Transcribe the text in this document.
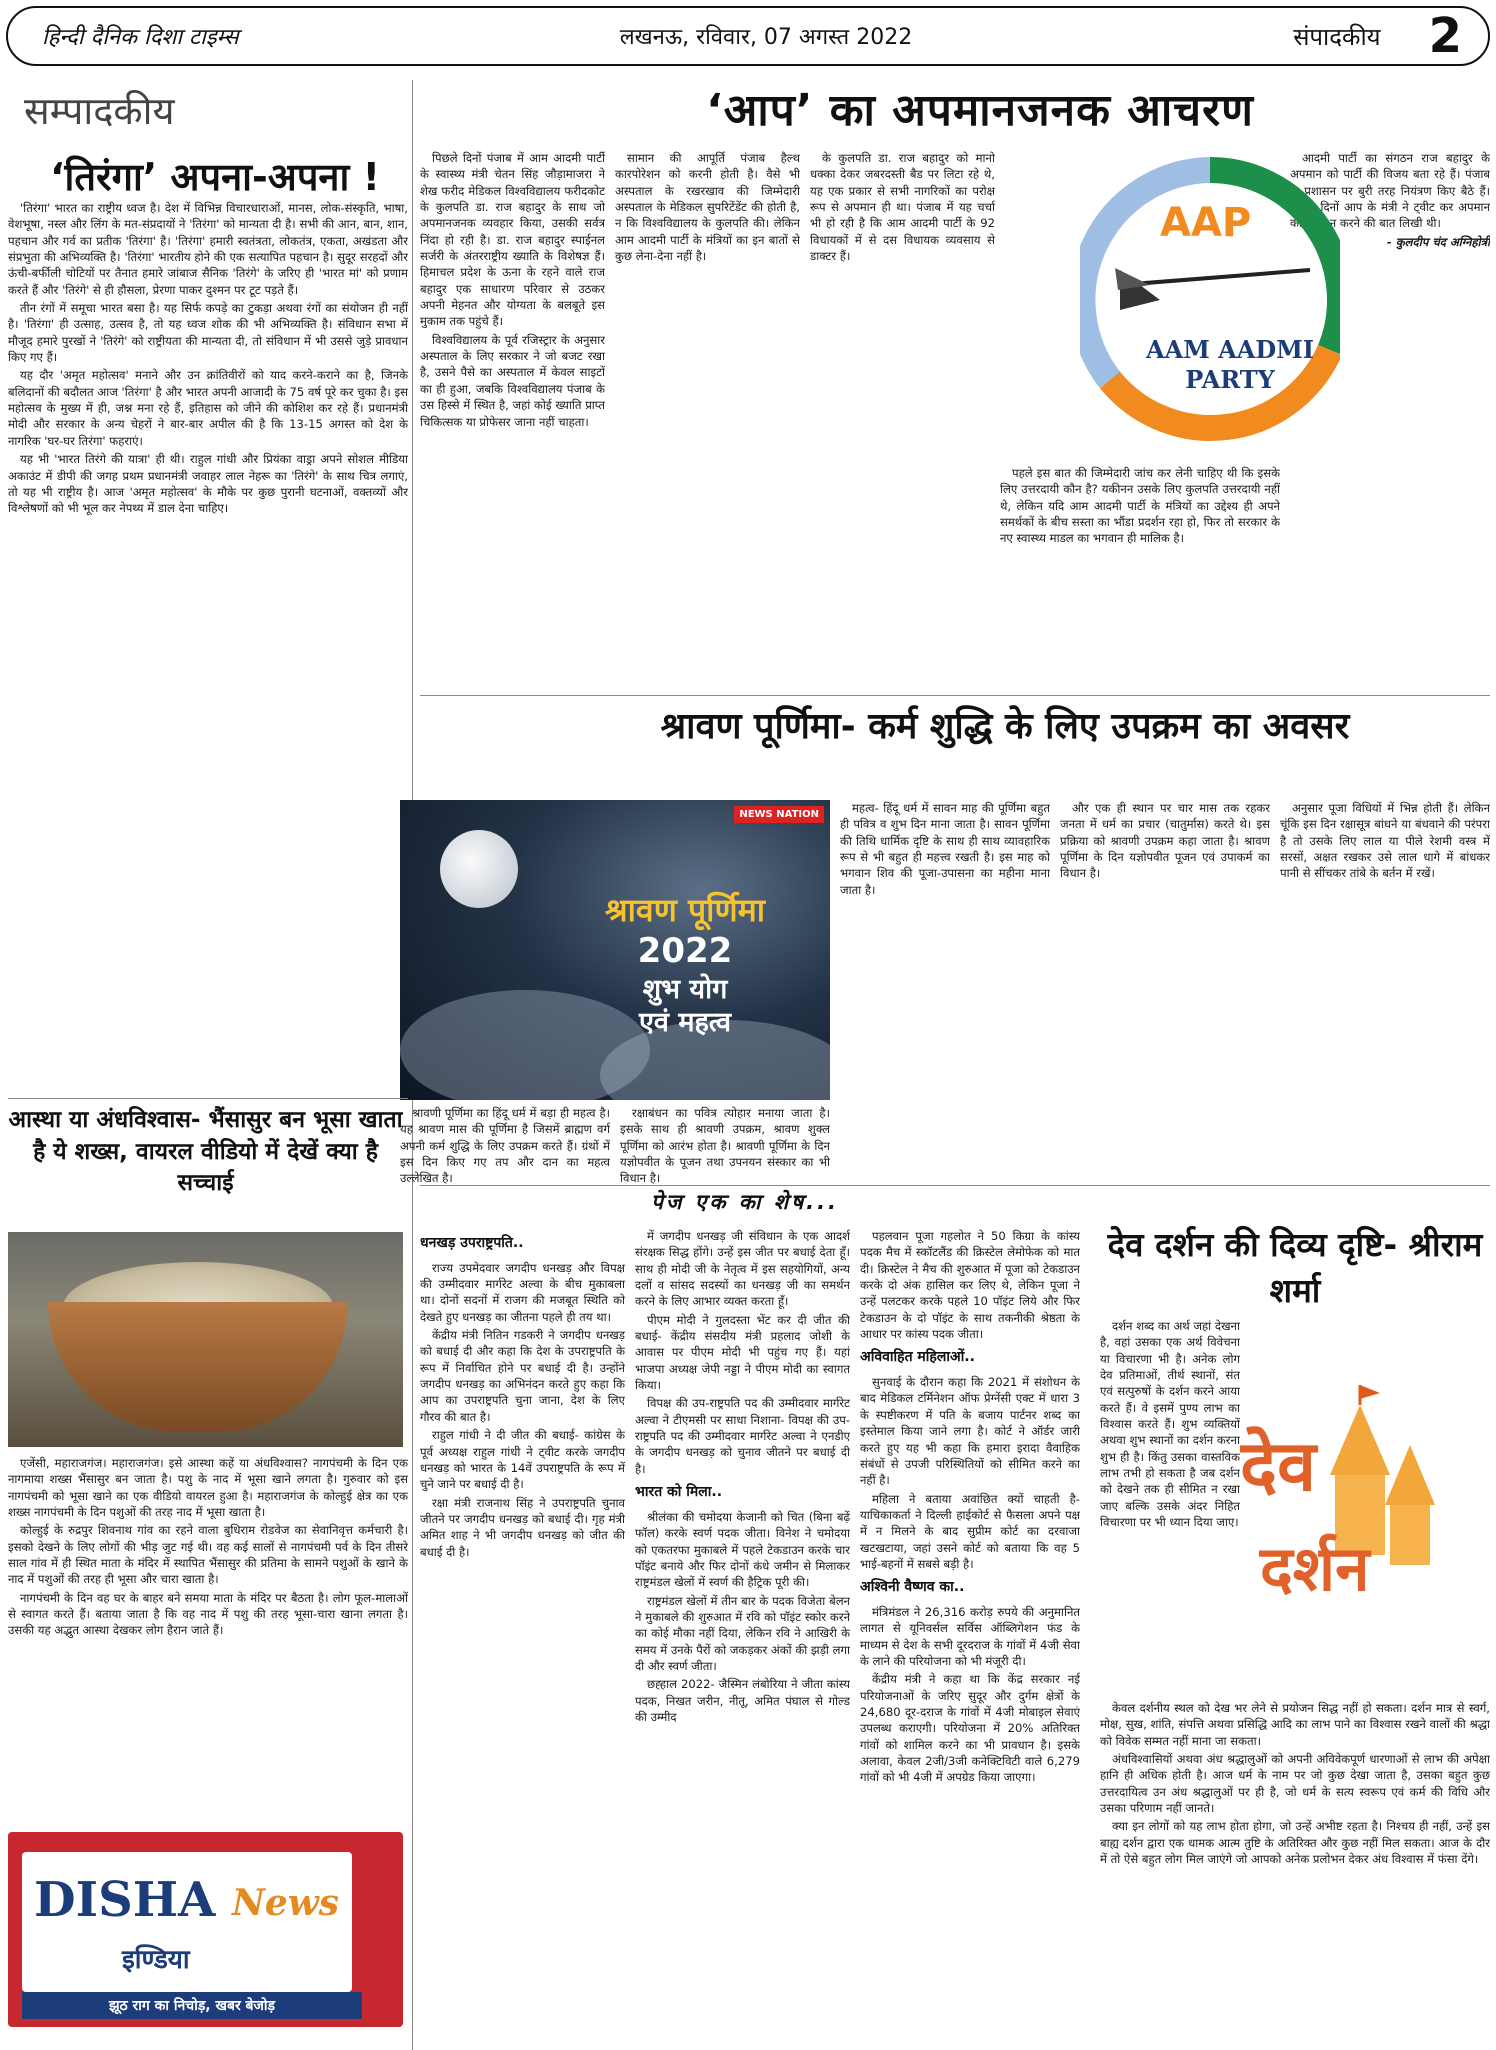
हिन्दी दैनिक दिशा टाइम्स	लखनऊ, रविवार, 07 अगस्त 2022	संपादकीय 2
सम्पादकीय
‘तिरंगा’ अपना-अपना !

'तिरंगा' भारत का राष्ट्रीय ध्वज है। देश में विभिन्न विचारधाराओं, मानस, लोक-संस्कृति, भाषा, वेशभूषा, नस्ल और लिंग के मत-संप्रदायों ने 'तिरंगा' को मान्यता दी है। सभी की आन, बान, शान, पहचान और गर्व का प्रतीक 'तिरंगा' है। 'तिरंगा' हमारी स्वतंत्रता, लोकतंत्र, एकता, अखंडता और संप्रभुता की अभिव्यक्ति है। 'तिरंगा' भारतीय होने की एक सत्यापित पहचान है। सुदूर सरहदों और ऊंची-बर्फीली चोटियों पर तैनात हमारे जांबाज सैनिक 'तिरंगे' के जरिए ही 'भारत मां' को प्रणाम करते हैं और 'तिरंगे' से ही हौसला, प्रेरणा पाकर दुश्मन पर टूट पड़ते हैं।

तीन रंगों में समूचा भारत बसा है। यह सिर्फ कपड़े का टुकड़ा अथवा रंगों का संयोजन ही नहीं है। 'तिरंगा' ही उत्साह, उत्सव है, तो यह ध्वज शोक की भी अभिव्यक्ति है। संविधान सभा में मौजूद हमारे पुरखों ने 'तिरंगे' को राष्ट्रीयता की मान्यता दी, तो संविधान में भी उससे जुड़े प्रावधान किए गए हैं।

यह दौर 'अमृत महोत्सव' मनाने और उन क्रांतिवीरों को याद करने-कराने का है, जिनके बलिदानों की बदौलत आज 'तिरंगा' है और भारत अपनी आजादी के 75 वर्ष पूरे कर चुका है। इस महोत्सव के मुख्य में ही, जश्न मना रहे हैं, इतिहास को जीने की कोशिश कर रहे हैं। प्रधानमंत्री मोदी और सरकार के अन्य चेहरों ने बार-बार अपील की है कि 13-15 अगस्त को देश के नागरिक 'घर-घर तिरंगा' फहराएं।

यह भी 'भारत तिरंगे की यात्रा' ही थी। राहुल गांधी और प्रियंका वाड्रा अपने सोशल मीडिया अकाउंट में डीपी की जगह प्रथम प्रधानमंत्री जवाहर लाल नेहरू का 'तिरंगे' के साथ चित्र लगाएं, तो यह भी राष्ट्रीय है। आज 'अमृत महोत्सव' के मौके पर कुछ पुरानी घटनाओं, वक्तव्यों और विश्लेषणों को भी भूल कर नेपथ्य में डाल देना चाहिए।

‘आप’ का अपमानजनक आचरण

पिछले दिनों पंजाब में आम आदमी पार्टी के स्वास्थ्य मंत्री चेतन सिंह जौड़ामाजरा ने शेख फरीद मेडिकल विश्वविद्यालय फरीदकोट के कुलपति डा. राज बहादुर के साथ जो अपमानजनक व्यवहार किया, उसकी सर्वत्र निंदा हो रही है। डा. राज बहादुर स्पाईनल सर्जरी के अंतरराष्ट्रीय ख्याति के विशेषज्ञ हैं। हिमाचल प्रदेश के ऊना के रहने वाले राज बहादुर एक साधारण परिवार से उठकर अपनी मेहनत और योग्यता के बलबूते इस मुकाम तक पहुंचे हैं।

विश्वविद्यालय के पूर्व रजिस्ट्रार के अनुसार अस्पताल के लिए सरकार ने जो बजट रखा है, उसने पैसे का अस्पताल में केवल साइटों का ही हुआ, जबकि विश्वविद्यालय पंजाब के उस हिस्से में स्थित है, जहां कोई ख्याति प्राप्त चिकित्सक या प्रोफेसर जाना नहीं चाहता।

सामान की आपूर्ति पंजाब हैल्थ कारपोरेशन को करनी होती है। वैसे भी अस्पताल के रखरखाव की जिम्मेदारी अस्पताल के मेडिकल सुपरिटेंडेंट की होती है, न कि विश्वविद्यालय के कुलपति की। लेकिन आम आदमी पार्टी के मंत्रियों का इन बातों से कुछ लेना-देना नहीं है।

के कुलपति डा. राज बहादुर को मानो धक्का देकर जबरदस्ती बैड पर लिटा रहे थे, यह एक प्रकार से सभी नागरिकों का परोक्ष रूप से अपमान ही था। पंजाब में यह चर्चा भी हो रही है कि आम आदमी पार्टी के 92 विधायकों में से दस विधायक व्यवसाय से डाक्टर हैं।

पहले इस बात की जिम्मेदारी जांच कर लेनी चाहिए थी कि इसके लिए उत्तरदायी कौन है? यकीनन उसके लिए कुलपति उत्तरदायी नहीं थे, लेकिन यदि आम आदमी पार्टी के मंत्रियों का उद्देश्य ही अपने समर्थकों के बीच सस्ता का भौंडा प्रदर्शन रहा हो, फिर तो सरकार के नए स्वास्थ्य माडल का भगवान ही मालिक है।

आदमी पार्टी का संगठन राज बहादुर के अपमान को पार्टी की विजय बता रहे हैं। पंजाब के प्रशासन पर बुरी तरह नियंत्रण किए बैठे हैं। पिछले दिनों आप के मंत्री ने ट्वीट कर अपमान को सहन न करने की बात लिखी थी।

- कुलदीप चंद अग्निहोत्री

AAP
AAM AADMI
PARTY
श्रावण पूर्णिमा- कर्म शुद्धि के लिए उपक्रम का अवसर
NEWS NATION
श्रावण पूर्णिमा
2022
शुभ योग
एवं महत्व

श्रावणी पूर्णिमा का हिंदू धर्म में बड़ा ही महत्व है। यह श्रावण मास की पूर्णिमा है जिसमें ब्राह्मण वर्ग अपनी कर्म शुद्धि के लिए उपक्रम करते हैं। ग्रंथों में इस दिन किए गए तप और दान का महत्व उल्लेखित है।

रक्षाबंधन का पवित्र त्योहार मनाया जाता है। इसके साथ ही श्रावणी उपक्रम, श्रावण शुक्ल पूर्णिमा को आरंभ होता है। श्रावणी पूर्णिमा के दिन यज्ञोपवीत के पूजन तथा उपनयन संस्कार का भी विधान है।

महत्व- हिंदू धर्म में सावन माह की पूर्णिमा बहुत ही पवित्र व शुभ दिन माना जाता है। सावन पूर्णिमा की तिथि धार्मिक दृष्टि के साथ ही साथ व्यावहारिक रूप से भी बहुत ही महत्त्व रखती है। इस माह को भगवान शिव की पूजा-उपासना का महीना माना जाता है।

और एक ही स्थान पर चार मास तक रहकर जनता में धर्म का प्रचार (चातुर्मास) करते थे। इस प्रक्रिया को श्रावणी उपक्रम कहा जाता है। श्रावण पूर्णिमा के दिन यज्ञोपवीत पूजन एवं उपाकर्म का विधान है।

अनुसार पूजा विधियों में भिन्न होती हैं। लेकिन चूंकि इस दिन रक्षासूत्र बांधने या बंधवाने की परंपरा है तो उसके लिए लाल या पीले रेशमी वस्त्र में सरसों, अक्षत रखकर उसे लाल धागे में बांधकर पानी से सींचकर तांबे के बर्तन में रखें।

आस्था या अंधविश्वास- भैंसासुर बन भूसा खाता है ये शख्स, वायरल वीडियो में देखें क्या है सच्चाई

एजेंसी, महाराजगंज। महाराजगंज। इसे आस्था कहें या अंधविश्वास? नागपंचमी के दिन एक नागमाया शख्स भैंसासुर बन जाता है। पशु के नाद में भूसा खाने लगता है। गुरुवार को इस नागपंचमी को भूसा खाने का एक वीडियो वायरल हुआ है। महाराजगंज के कोल्हुई क्षेत्र का एक शख्स नागपंचमी के दिन पशुओं की तरह नाद में भूसा खाता है।

कोल्हुई के रुद्रपुर शिवनाथ गांव का रहने वाला बुधिराम रोडवेज का सेवानिवृत्त कर्मचारी है। इसको देखने के लिए लोगों की भीड़ जुट गई थी। वह कई सालों से नागपंचमी पर्व के दिन तीसरे साल गांव में ही स्थित माता के मंदिर में स्थापित भैंसासुर की प्रतिमा के सामने पशुओं के खाने के नाद में पशुओं की तरह ही भूसा और चारा खाता है।

नागपंचमी के दिन वह घर के बाहर बने समया माता के मंदिर पर बैठता है। लोग फूल-मालाओं से स्वागत करते हैं। बताया जाता है कि वह नाद में पशु की तरह भूसा-चारा खाना लगता है। उसकी यह अद्भुत आस्था देखकर लोग हैरान जाते हैं।

DISHA News
इण्डिया
झूठ राग का निचोड़, खबर बेजोड़
पेज एक का शेष...
धनखड़ उपराष्ट्रपति..

राज्य उपमेदवार जगदीप धनखड़ और विपक्ष की उम्मीदवार मार्गरेट अल्वा के बीच मुकाबला था। दोनों सदनों में राजग की मजबूत स्थिति को देखते हुए धनखड़ का जीतना पहले ही तय था।

केंद्रीय मंत्री नितिन गडकरी ने जगदीप धनखड़ को बधाई दी और कहा कि देश के उपराष्ट्रपति के रूप में निर्वाचित होने पर बधाई दी है। उन्होंने जगदीप धनखड़ का अभिनंदन करते हुए कहा कि आप का उपराष्ट्रपति चुना जाना, देश के लिए गौरव की बात है।

राहुल गांधी ने दी जीत की बधाई- कांग्रेस के पूर्व अध्यक्ष राहुल गांधी ने ट्वीट करके जगदीप धनखड़ को भारत के 14वें उपराष्ट्रपति के रूप में चुने जाने पर बधाई दी है।

रक्षा मंत्री राजनाथ सिंह ने उपराष्ट्रपति चुनाव जीतने पर जगदीप धनखड़ को बधाई दी। गृह मंत्री अमित शाह ने भी जगदीप धनखड़ को जीत की बधाई दी है।

में जगदीप धनखड़ जी संविधान के एक आदर्श संरक्षक सिद्ध होंगे। उन्हें इस जीत पर बधाई देता हूँ। साथ ही मोदी जी के नेतृत्व में इस सहयोगियों, अन्य दलों व सांसद सदस्यों का धनखड़ जी का समर्थन करने के लिए आभार व्यक्त करता हूँ।

पीएम मोदी ने गुलदस्ता भेंट कर दी जीत की बधाई- केंद्रीय संसदीय मंत्री प्रहलाद जोशी के आवास पर पीएम मोदी भी पहुंच गए हैं। यहां भाजपा अध्यक्ष जेपी नड्डा ने पीएम मोदी का स्वागत किया।

विपक्ष की उप-राष्ट्रपति पद की उम्मीदवार मार्गरेट अल्वा ने टीएमसी पर साधा निशाना- विपक्ष की उप-राष्ट्रपति पद की उम्मीदवार मार्गरेट अल्वा ने एनडीए के जगदीप धनखड़ को चुनाव जीतने पर बधाई दी है।

भारत को मिला..

श्रीलंका की चमोदया केजानी को चित (बिना बढ़ें फॉल) करके स्वर्ण पदक जीता। विनेश ने चमोदया को एकतरफा मुकाबले में पहले टेकडाउन करके चार पॉइंट बनाये और फिर दोनों कंधे जमीन से मिलाकर राष्ट्रमंडल खेलों में स्वर्ण की हैट्रिक पूरी की।

राष्ट्रमंडल खेलों में तीन बार के पदक विजेता बेलन ने मुकाबले की शुरुआत में रवि को पॉइंट स्कोर करने का कोई मौका नहीं दिया, लेकिन रवि ने आखिरी के समय में उनके पैरों को जकड़कर अंकों की झड़ी लगा दी और स्वर्ण जीता।

छह्हाल 2022- जैस्मिन लंबोरिया ने जीता कांस्य पदक, निखत जरीन, नीतू, अमित पंघाल से गोल्ड की उम्मीद

पहलवान पूजा गहलोत ने 50 किग्रा के कांस्य पदक मैच में स्कॉटलैंड की क्रिस्टेल लेमोफेक को मात दी। क्रिस्टेल ने मैच की शुरुआत में पूजा को टेकडाउन करके दो अंक हासिल कर लिए थे, लेकिन पूजा ने उन्हें पलटकर करके पहले 10 पॉइंट लिये और फिर टेकडाउन के दो पॉइंट के साथ तकनीकी श्रेष्ठता के आधार पर कांस्य पदक जीता।

अविवाहित महिलाओं..

सुनवाई के दौरान कहा कि 2021 में संशोधन के बाद मेडिकल टर्मिनेशन ऑफ प्रेग्नेंसी एक्ट में धारा 3 के स्पष्टीकरण में पति के बजाय पार्टनर शब्द का इस्तेमाल किया जाने लगा है। कोर्ट ने ऑर्डर जारी करते हुए यह भी कहा कि हमारा इरादा वैवाहिक संबंधों से उपजी परिस्थितियों को सीमित करने का नहीं है।

महिला ने बताया अवांछित क्यों चाहती है- याचिकाकर्ता ने दिल्ली हाईकोर्ट से फैसला अपने पक्ष में न मिलने के बाद सुप्रीम कोर्ट का दरवाजा खटखटाया, जहां उसने कोर्ट को बताया कि वह 5 भाई-बहनों में सबसे बड़ी है।

अश्विनी वैष्णव का..

मंत्रिमंडल ने 26,316 करोड़ रुपये की अनुमानित लागत से यूनिवर्सल सर्विस ऑब्लिगेशन फंड के माध्यम से देश के सभी दूरदराज के गांवों में 4जी सेवा के लाने की परियोजना को भी मंजूरी दी।

केंद्रीय मंत्री ने कहा था कि केंद्र सरकार नई परियोजनाओं के जरिए सुदूर और दुर्गम क्षेत्रों के 24,680 दूर-दराज के गांवों में 4जी मोबाइल सेवाएं उपलब्ध कराएगी। परियोजना में 20% अतिरिक्त गांवों को शामिल करने का भी प्रावधान है। इसके अलावा, केवल 2जी/3जी कनेक्टिविटी वाले 6,279 गांवों को भी 4जी में अपग्रेड किया जाएगा।

देव दर्शन की दिव्य दृष्टि- श्रीराम शर्मा
देव
दर्शन

दर्शन शब्द का अर्थ जहां देखना है, वहां उसका एक अर्थ विवेचना या विचारणा भी है। अनेक लोग देव प्रतिमाओं, तीर्थ स्थानों, संत एवं सत्पुरुषों के दर्शन करने आया करते हैं। वे इसमें पुण्य लाभ का विश्वास करते हैं। शुभ व्यक्तियों अथवा शुभ स्थानों का दर्शन करना शुभ ही है। किंतु उसका वास्तविक लाभ तभी हो सकता है जब दर्शन को देखने तक ही सीमित न रखा जाए बल्कि उसके अंदर निहित विचारणा पर भी ध्यान दिया जाए।

केवल दर्शनीय स्थल को देख भर लेने से प्रयोजन सिद्ध नहीं हो सकता। दर्शन मात्र से स्वर्ग, मोक्ष, सुख, शांति, संपत्ति अथवा प्रसिद्धि आदि का लाभ पाने का विश्वास रखने वालों की श्रद्धा को विवेक सम्मत नहीं माना जा सकता।

अंधविश्वासियों अथवा अंध श्रद्धालुओं को अपनी अविवेकपूर्ण धारणाओं से लाभ की अपेक्षा हानि ही अधिक होती है। आज धर्म के नाम पर जो कुछ देखा जाता है, उसका बहुत कुछ उत्तरदायित्व उन अंध श्रद्धालुओं पर ही है, जो धर्म के सत्य स्वरूप एवं कर्म की विधि और उसका परिणाम नहीं जानते।

क्या इन लोगों को यह लाभ होता होगा, जो उन्हें अभीष्ट रहता है। निश्चय ही नहीं, उन्हें इस बाह्य दर्शन द्वारा एक धामक आत्म तुष्टि के अतिरिक्त और कुछ नहीं मिल सकता। आज के दौर में तो ऐसे बहुत लोग मिल जाएंगे जो आपको अनेक प्रलोभन देकर अंध विश्वास में फंसा देंगे।
